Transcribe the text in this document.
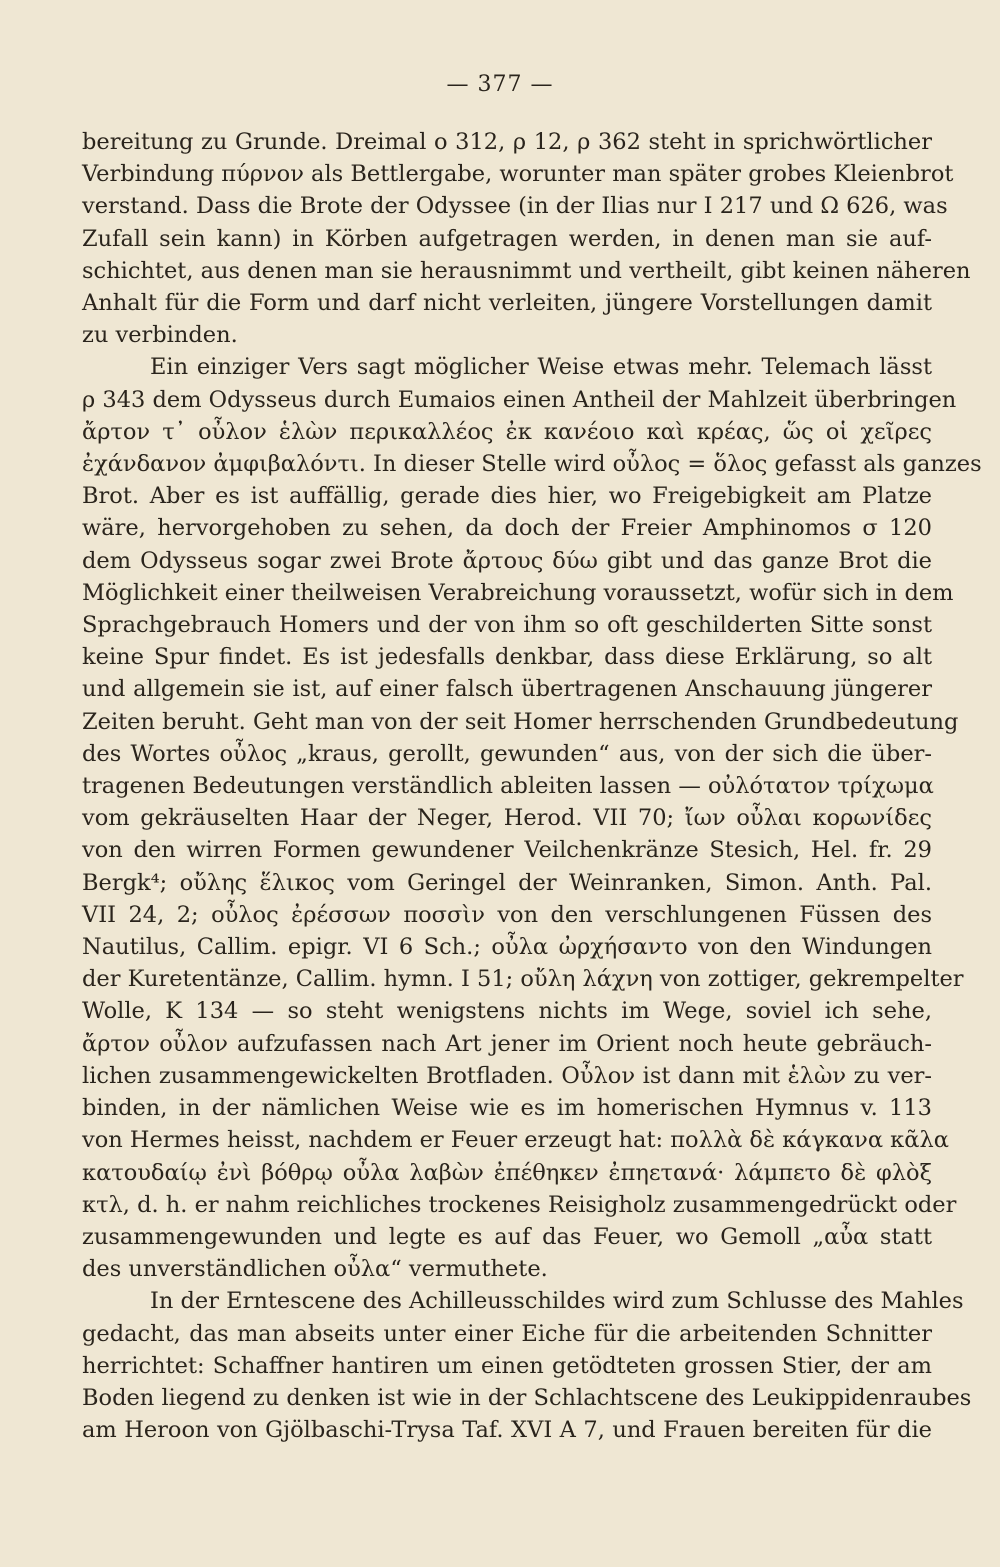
— 377 —
bereitung zu Grunde. Dreimal ο 312, ρ 12, ρ 362 steht in sprichwörtlicher
Verbindung πύρνον als Bettlergabe, worunter man später grobes Kleienbrot
verstand. Dass die Brote der Odyssee (in der Ilias nur I 217 und Ω 626, was
Zufall sein kann) in Körben aufgetragen werden, in denen man sie auf-
schichtet, aus denen man sie herausnimmt und vertheilt, gibt keinen näheren
Anhalt für die Form und darf nicht verleiten, jüngere Vorstellungen damit
zu verbinden.
Ein einziger Vers sagt möglicher Weise etwas mehr. Telemach lässt
ρ 343 dem Odysseus durch Eumaios einen Antheil der Mahlzeit überbringen
ἄρτον τ᾽ οὖλον ἑλὼν περικαλλέος ἐκ κανέοιο καὶ κρέας, ὥς οἱ χεῖρες
ἐχάνδανον ἀμφιβαλόντι. In dieser Stelle wird οὖλος = ὅλος gefasst als ganzes
Brot. Aber es ist auffällig, gerade dies hier, wo Freigebigkeit am Platze
wäre, hervorgehoben zu sehen, da doch der Freier Amphinomos σ 120
dem Odysseus sogar zwei Brote ἄρτους δύω gibt und das ganze Brot die
Möglichkeit einer theilweisen Verabreichung voraussetzt, wofür sich in dem
Sprachgebrauch Homers und der von ihm so oft geschilderten Sitte sonst
keine Spur findet. Es ist jedesfalls denkbar, dass diese Erklärung, so alt
und allgemein sie ist, auf einer falsch übertragenen Anschauung jüngerer
Zeiten beruht. Geht man von der seit Homer herrschenden Grundbedeutung
des Wortes οὖλος „kraus, gerollt, gewunden“ aus, von der sich die über-
tragenen Bedeutungen verständlich ableiten lassen — οὐλότατον τρίχωμα
vom gekräuselten Haar der Neger, Herod. VII 70; ἴων οὖλαι κορωνίδες
von den wirren Formen gewundener Veilchenkränze Stesich, Hel. fr. 29
Bergk⁴; οὔλης ἕλικος vom Geringel der Weinranken, Simon. Anth. Pal.
VII 24, 2; οὖλος ἐρέσσων ποσσὶν von den verschlungenen Füssen des
Nautilus, Callim. epigr. VI 6 Sch.; οὖλα ὠρχήσαντο von den Windungen
der Kuretentänze, Callim. hymn. I 51; οὔλη λάχνη von zottiger, gekrempelter
Wolle, Κ 134 — so steht wenigstens nichts im Wege, soviel ich sehe,
ἄρτον οὖλον aufzufassen nach Art jener im Orient noch heute gebräuch-
lichen zusammengewickelten Brotfladen. Οὖλον ist dann mit ἑλὼν zu ver-
binden, in der nämlichen Weise wie es im homerischen Hymnus v. 113
von Hermes heisst, nachdem er Feuer erzeugt hat: πολλὰ δὲ κάγκανα κᾶλα
κατουδαίῳ ἐνὶ βόθρῳ οὖλα λαβὼν ἐπέθηκεν ἐπηετανά· λάμπετο δὲ φλὸξ
κτλ, d. h. er nahm reichliches trockenes Reisigholz zusammengedrückt oder
zusammengewunden und legte es auf das Feuer, wo Gemoll „αὖα statt
des unverständlichen οὖλα“ vermuthete.
In der Erntescene des Achilleusschildes wird zum Schlusse des Mahles
gedacht, das man abseits unter einer Eiche für die arbeitenden Schnitter
herrichtet: Schaffner hantiren um einen getödteten grossen Stier, der am
Boden liegend zu denken ist wie in der Schlachtscene des Leukippidenraubes
am Heroon von Gjölbaschi-Trysa Taf. XVI A 7, und Frauen bereiten für die
